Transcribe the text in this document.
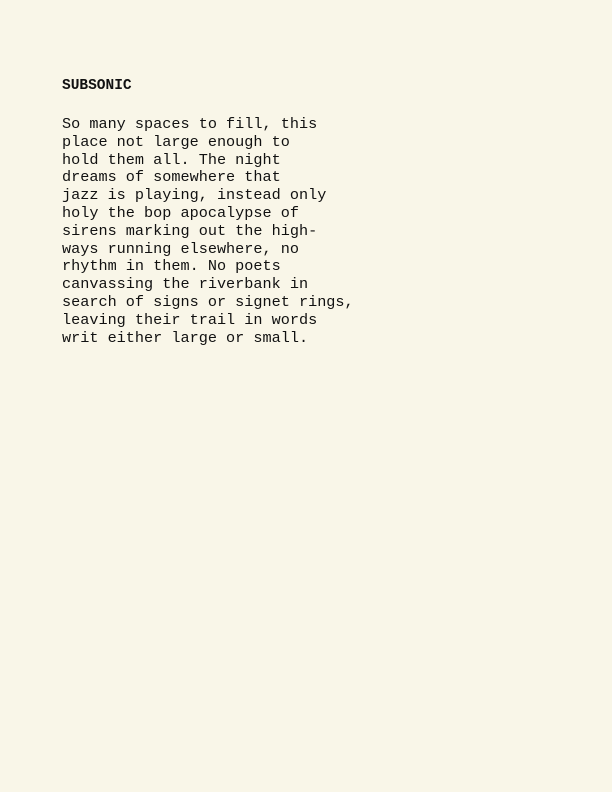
SUBSONIC
So many spaces to fill, this
place not large enough to
hold them all. The night
dreams of somewhere that
jazz is playing, instead only
holy the bop apocalypse of
sirens marking out the high-
ways running elsewhere, no
rhythm in them. No poets
canvassing the riverbank in
search of signs or signet rings,
leaving their trail in words
writ either large or small.
